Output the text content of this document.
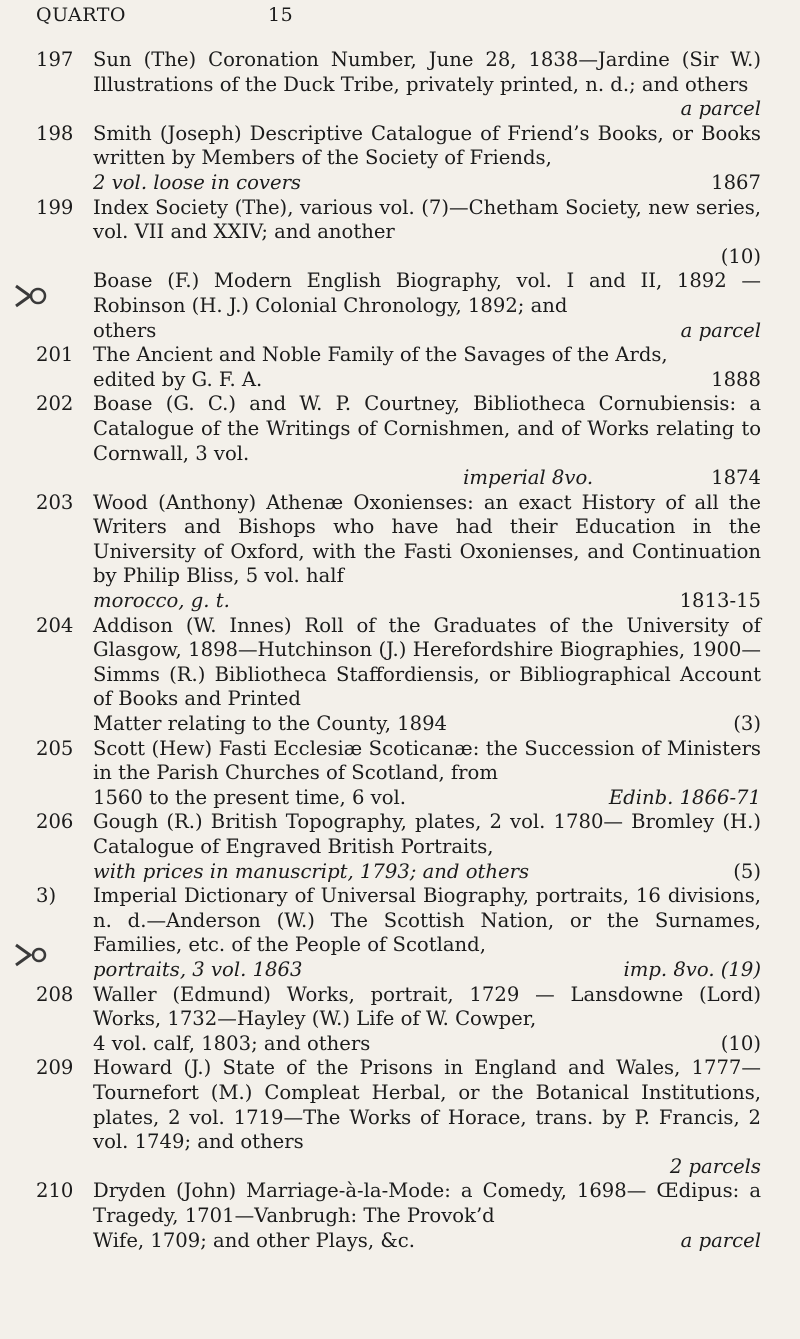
QUARTO	15
197 Sun (The) Coronation Number, June 28, 1838—Jardine (Sir W.) Illustrations of the Duck Tribe, privately printed, n. d.; and others
a parcel
198 Smith (Joseph) Descriptive Catalogue of Friend’s Books, or Books written by Members of the Society of Friends,
2 vol. loose in covers	1867
199 Index Society (The), various vol. (7)—Chetham Society, new series, vol. VII and XXIV; and another
(10)
Boase (F.) Modern English Biography, vol. I and II, 1892 —Robinson (H. J.) Colonial Chronology, 1892; and
others	a parcel
201 The Ancient and Noble Family of the Savages of the Ards,
edited by G. F. A.	1888
202 Boase (G. C.) and W. P. Courtney, Bibliotheca Cornubiensis: a Catalogue of the Writings of Cornishmen, and of Works relating to Cornwall, 3 vol.
imperial 8vo.	1874
203 Wood (Anthony) Athenæ Oxonienses: an exact History of all the Writers and Bishops who have had their Education in the University of Oxford, with the Fasti Oxonienses, and Continuation by Philip Bliss, 5 vol. half
morocco, g. t.	1813-15
204 Addison (W. Innes) Roll of the Graduates of the University of Glasgow, 1898—Hutchinson (J.) Herefordshire Biographies, 1900—Simms (R.) Bibliotheca Staffordiensis, or Bibliographical Account of Books and Printed
Matter relating to the County, 1894	(3)
205 Scott (Hew) Fasti Ecclesiæ Scoticanæ: the Succession of Ministers in the Parish Churches of Scotland, from
1560 to the present time, 6 vol.	Edinb. 1866-71
206 Gough (R.) British Topography, plates, 2 vol. 1780— Bromley (H.) Catalogue of Engraved British Portraits,
with prices in manuscript, 1793; and others	(5)
3)	Imperial Dictionary of Universal Biography, portraits, 16 divisions, n. d.—Anderson (W.) The Scottish Nation, or the Surnames, Families, etc. of the People of Scotland,
portraits, 3 vol. 1863	imp. 8vo. (19)
208 Waller (Edmund) Works, portrait, 1729 — Lansdowne (Lord) Works, 1732—Hayley (W.) Life of W. Cowper,
4 vol. calf, 1803; and others	(10)
209 Howard (J.) State of the Prisons in England and Wales, 1777—Tournefort (M.) Compleat Herbal, or the Botanical Institutions, plates, 2 vol. 1719—The Works of Horace, trans. by P. Francis, 2 vol. 1749; and others
2 parcels
210 Dryden (John) Marriage-à-la-Mode: a Comedy, 1698— Œdipus: a Tragedy, 1701—Vanbrugh: The Provok’d
Wife, 1709; and other Plays, &c.	a parcel
